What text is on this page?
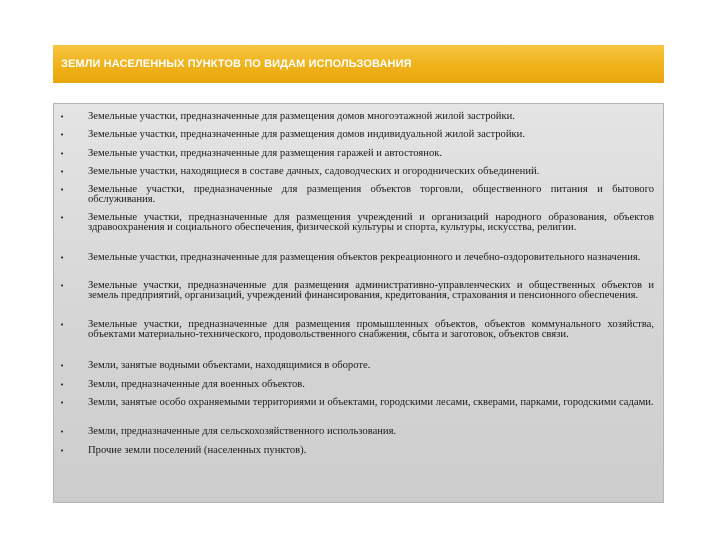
ЗЕМЛИ НАСЕЛЕННЫХ ПУНКТОВ ПО ВИДАМ ИСПОЛЬЗОВАНИЯ
•	Земельные участки, предназначенные для размещения домов многоэтажной жилой застройки.
•	Земельные участки, предназначенные для размещения домов индивидуальной жилой застройки.
•	Земельные участки, предназначенные для размещения гаражей и автостоянок.
•	Земельные участки, находящиеся в составе дачных, садоводческих и огороднических объединений.
•	Земельные участки, предназначенные для размещения объектов торговли, общественного питания и бытового обслуживания.
•	Земельные участки, предназначенные для размещения учреждений и организаций народного образования, объектов здравоохранения и социального обеспечения, физической культуры и спорта, культуры, искусства, религии.
•	Земельные участки, предназначенные для размещения объектов рекреационного и лечебно-оздоровительного назначения.
•	Земельные участки, предназначенные для размещения административно-управленческих и общественных объектов и земель предприятий, организаций, учреждений финансирования, кредитования, страхования и пенсионного обеспечения.
•	Земельные участки, предназначенные для размещения промышленных объектов, объектов коммунального хозяйства, объектами материально-технического, продовольственного снабжения, сбыта и заготовок, объектов связи.
•	Земли, занятые водными объектами, находящимися в обороте.
•	Земли, предназначенные для военных объектов.
•	Земли, занятые особо охраняемыми территориями и объектами, городскими лесами, скверами, парками, городскими садами.
•	Земли, предназначенные для сельскохозяйственного использования.
•	Прочие земли поселений (населенных пунктов).
